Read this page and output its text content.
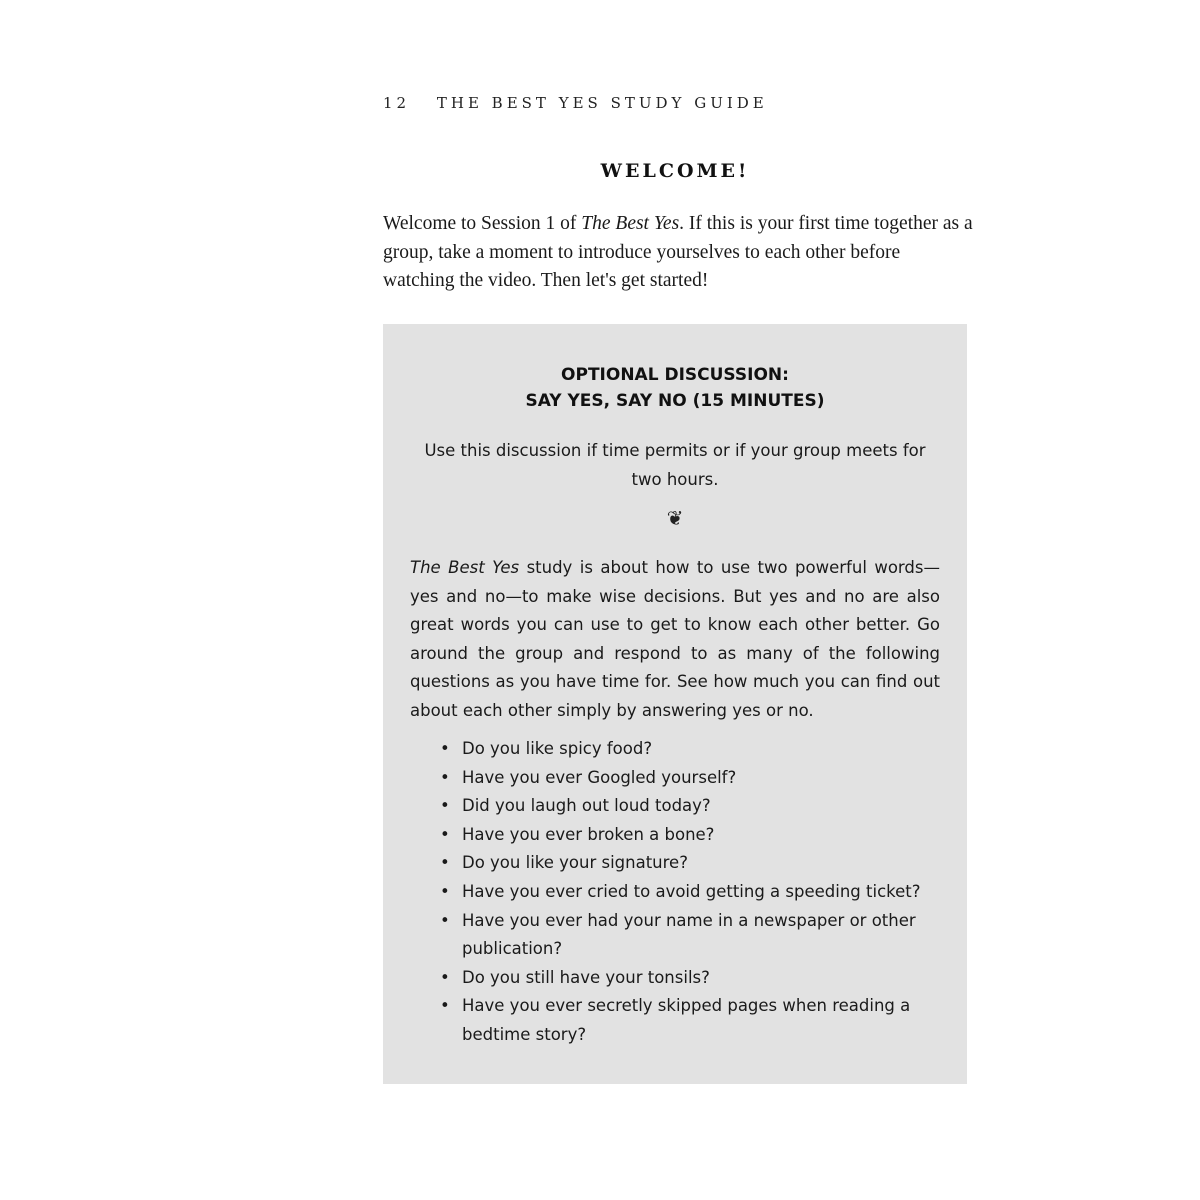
12 THE BEST YES STUDY GUIDE
WELCOME!
Welcome to Session 1 of The Best Yes. If this is your first time together as a group, take a moment to introduce yourselves to each other before watching the video. Then let's get started!
OPTIONAL DISCUSSION:
SAY YES, SAY NO (15 MINUTES)
Use this discussion if time permits or if your group meets for two hours.
❦
The Best Yes study is about how to use two powerful words—yes and no—to make wise decisions. But yes and no are also great words you can use to get to know each other better. Go around the group and respond to as many of the following questions as you have time for. See how much you can find out about each other simply by answering yes or no.
• Do you like spicy food?
• Have you ever Googled yourself?
• Did you laugh out loud today?
• Have you ever broken a bone?
• Do you like your signature?
• Have you ever cried to avoid getting a speeding ticket?
• Have you ever had your name in a newspaper or other publication?
• Do you still have your tonsils?
• Have you ever secretly skipped pages when reading a bedtime story?
